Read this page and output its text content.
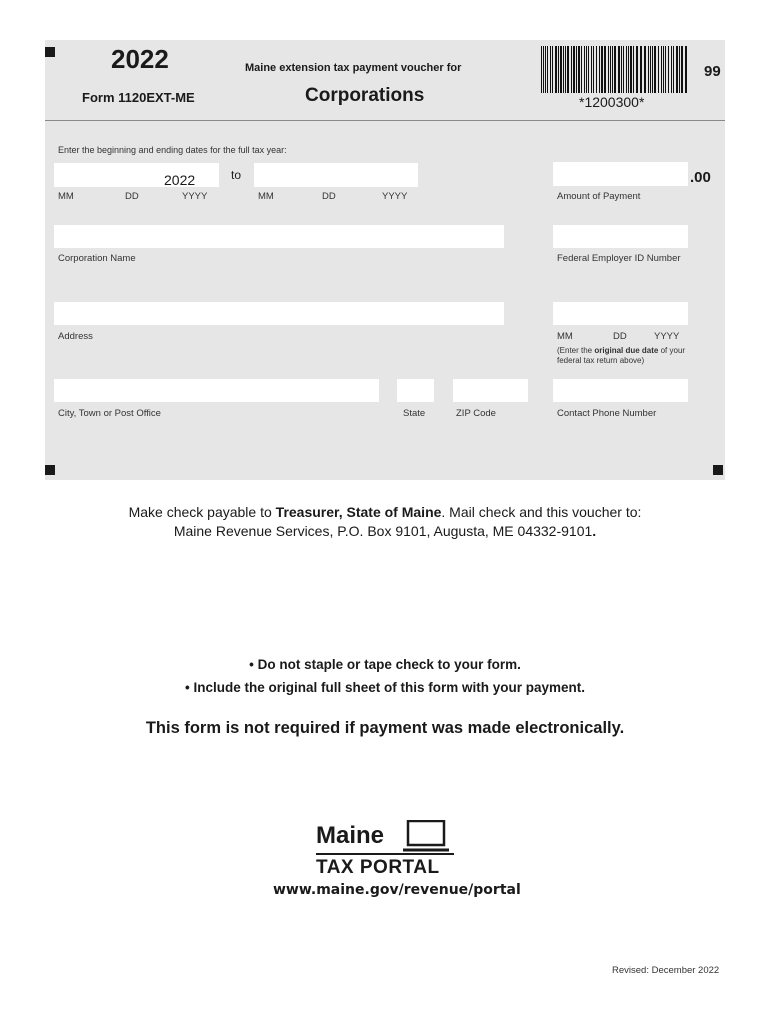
2022
Form 1120EXT-ME
Maine extension tax payment voucher for
Corporations	*1200300*
99
Enter the beginning and ending dates for the full tax year:
2022	to
MM	DD	YYYY	MM	DD	YYYY
.00
Amount of Payment
Corporation Name	Federal Employer ID Number
Address	MM	DD	YYYY
(Enter the original due date of your federal tax return above)
City, Town or Post Office	State	ZIP Code	Contact Phone Number
Make check payable to Treasurer, State of Maine. Mail check and this voucher to:
Maine Revenue Services, P.O. Box 9101, Augusta, ME 04332-9101.
• Do not staple or tape check to your form.
• Include the original full sheet of this form with your payment.
This form is not required if payment was made electronically.
Maine
TAX PORTAL
www.maine.gov/revenue/portal
Revised: December 2022
